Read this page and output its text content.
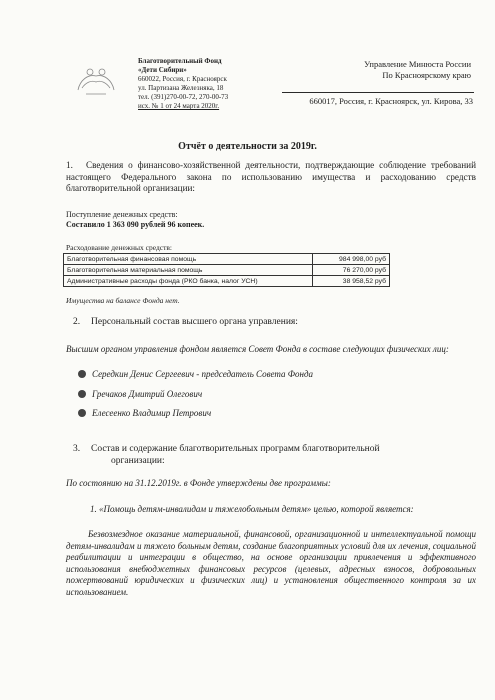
Благотворительный Фонд
«Дети Сибири»
660022, Россия, г. Красноярск
ул. Партизана Железняка, 18
тел. (391)270-00-72, 270-00-73
исх. № 1 от 24 марта 2020г.
Управление Минюста России
По Красноярскому краю
660017, Россия, г. Красноярск, ул. Кирова, 33
Отчёт о деятельности за 2019г.
1. Сведения о финансово-хозяйственной деятельности, подтверждающие соблюдение требований настоящего Федерального закона по использованию имущества и расходованию средств благотворительной организации:
Поступление денежных средств:
Составило 1 363 090 рублей 96 копеек.
Расходование денежных средств:
Благотворительная финансовая помощь	984 998,00 руб
Благотворительная материальная помощь	76 270,00 руб
Административные расходы фонда (РКО банка, налог УСН)	38 958,52 руб
Имущества на балансе Фонда нет.
2. Персональный состав высшего органа управления:
Высшим органом управления фондом является Совет Фонда в составе следующих физических лиц:
Середкин Денис Сергеевич - председатель Совета Фонда
Гречаков Дмитрий Олегович
Елесеенко Владимир Петрович
3. Состав и содержание благотворительных программ благотворительной
организации:
По состоянию на 31.12.2019г. в Фонде утверждены две программы:
1. «Помощь детям-инвалидам и тяжелобольным детям» целью, которой является:
Безвозмездное оказание материальной, финансовой, организационной и интеллектуальной помощи детям-инвалидам и тяжело больным детям, создание благоприятных условий для их лечения, социальной реабилитации и интеграции в общество, на основе организации привлечения и эффективного использования внебюджетных финансовых ресурсов (целевых, адресных взносов, добровольных пожертвований юридических и физических лиц) и установления общественного контроля за их использованием.
